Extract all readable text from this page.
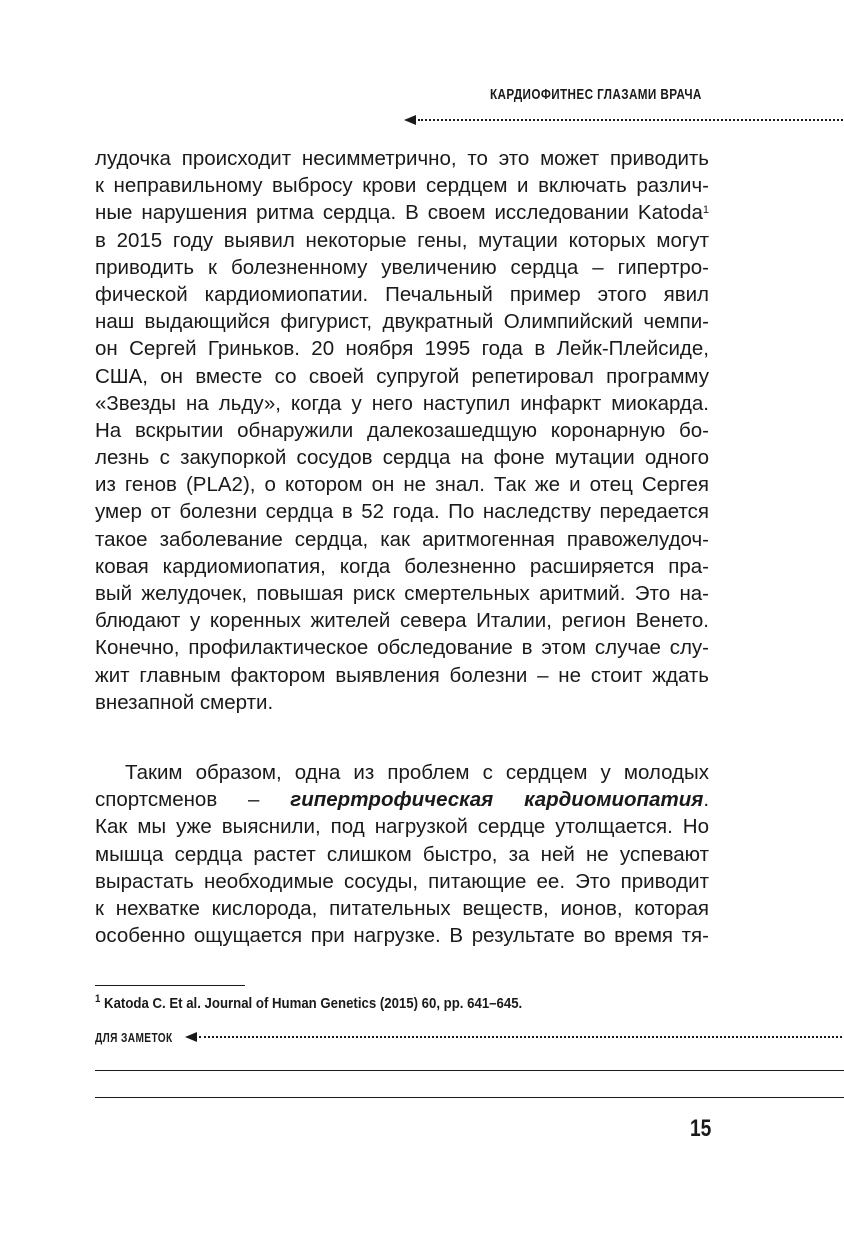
КАРДИОФИТНЕС ГЛАЗАМИ ВРАЧА
лудочка происходит несимметрично, то это может приводить
к неправильному выбросу крови сердцем и включать различ-
ные нарушения ритма сердца. В своем исследовании Katoda$^1$
в 2015 году выявил некоторые гены, мутации которых могут
приводить к болезненному увеличению сердца – гипертро-
фической кардиомиопатии. Печальный пример этого явил
наш выдающийся фигурист, двукратный Олимпийский чемпи-
он Сергей Гриньков. 20 ноября 1995 года в Лейк-Плейсиде,
США, он вместе со своей супругой репетировал программу
«Звезды на льду», когда у него наступил инфаркт миокарда.
На вскрытии обнаружили далекозашедщую коронарную бо-
лезнь с закупоркой сосудов сердца на фоне мутации одного
из генов (PLA2), о котором он не знал. Так же и отец Сергея
умер от болезни сердца в 52 года. По наследству передается
такое заболевание сердца, как аритмогенная правожелудоч-
ковая кардиомиопатия, когда болезненно расширяется пра-
вый желудочек, повышая риск смертельных аритмий. Это на-
блюдают у коренных жителей севера Италии, регион Венето.
Конечно, профилактическое обследование в этом случае слу-
жит главным фактором выявления болезни – не стоит ждать
внезапной смерти.
Таким образом, одна из проблем с сердцем у молодых
спортсменов – гипертрофическая кардиомиопатия.
Как мы уже выяснили, под нагрузкой сердце утолщается. Но
мышца сердца растет слишком быстро, за ней не успевают
вырастать необходимые сосуды, питающие ее. Это приводит
к нехватке кислорода, питательных веществ, ионов, которая
особенно ощущается при нагрузке. В результате во время тя-
$^1$ Katoda C. Et al. Journal of Human Genetics (2015) 60, pp. 641–645.
ДЛЯ ЗАМЕТОК
15
